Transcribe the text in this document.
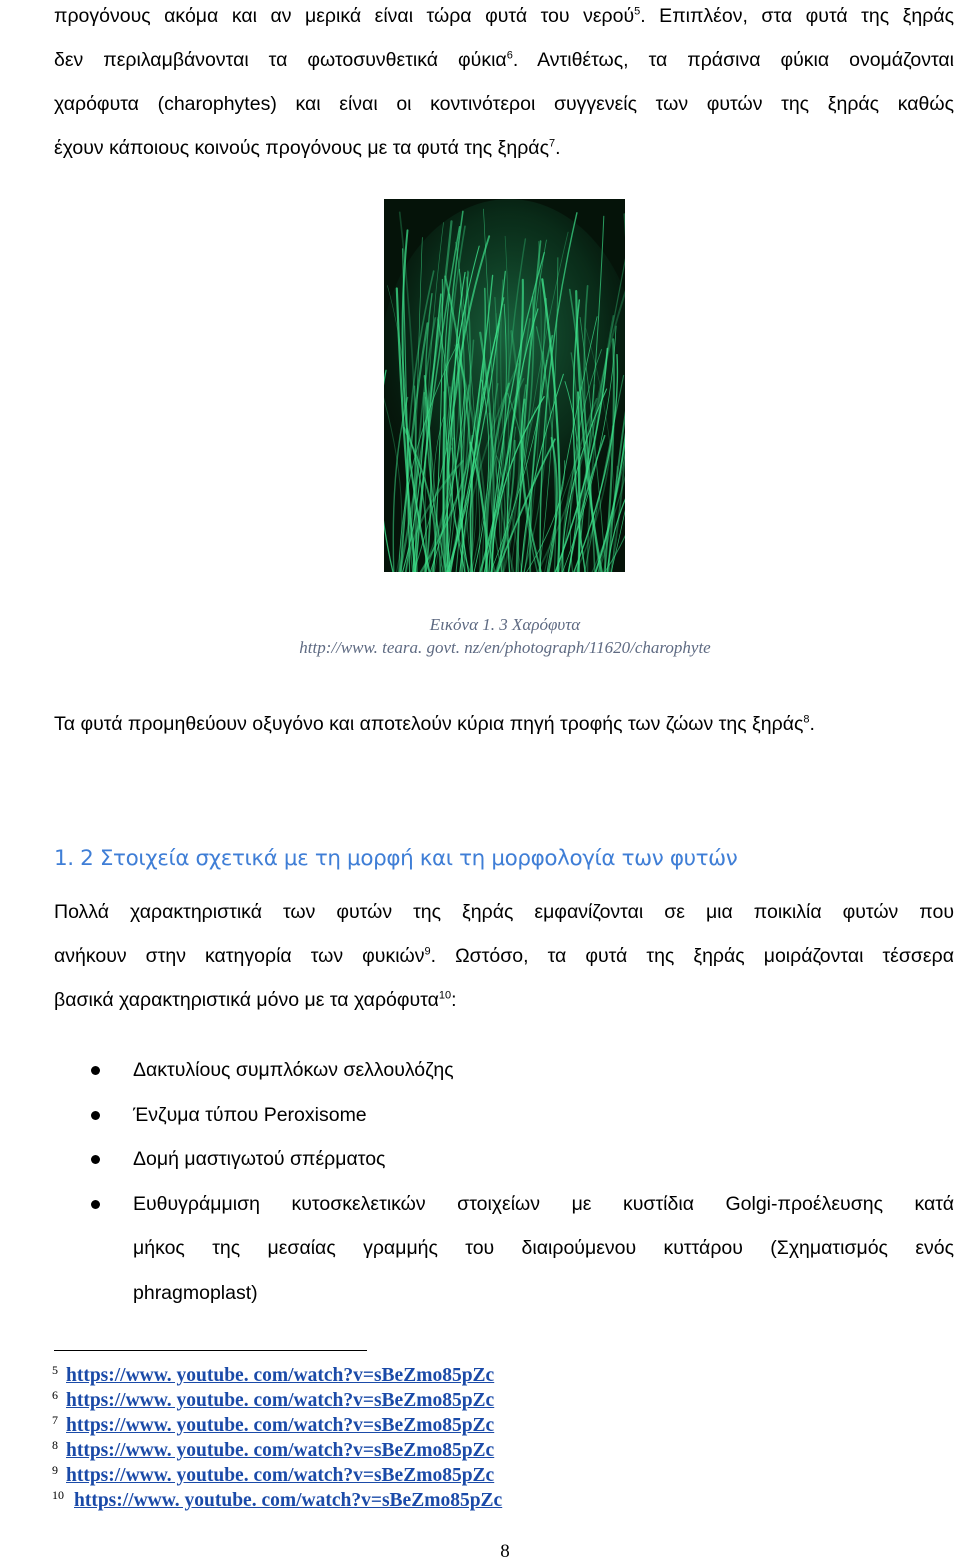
προγόνους ακόμα και αν μερικά είναι τώρα φυτά του νερού$^5$. Επιπλέον, στα φυτά της ξηράς

δεν περιλαμβάνονται τα φωτοσυνθετικά φύκια$^6$. Αντιθέτως, τα πράσινα φύκια ονομάζονται

χαρόφυτα (charophytes) και είναι οι κοντινότεροι συγγενείς των φυτών της ξηράς καθώς

έχουν κάποιους κοινούς προγόνους με τα φυτά της ξηράς$^7$.

Εικόνα 1. 3 Χαρόφυτα
http://www. teara. govt. nz/en/photograph/11620/charophyte

Τα φυτά προμηθεύουν οξυγόνο και αποτελούν κύρια πηγή τροφής των ζώων της ξηράς$^8$.

1. 2 Στοιχεία σχετικά με τη μορφή και τη μορφολογία των φυτών

Πολλά χαρακτηριστικά των φυτών της ξηράς εμφανίζονται σε μια ποικιλία φυτών που

ανήκουν στην κατηγορία των φυκιών$^9$. Ωστόσο, τα φυτά της ξηράς μοιράζονται τέσσερα

βασικά χαρακτηριστικά μόνο με τα χαρόφυτα$^{10}$:

Δακτυλίους συμπλόκων σελλουλόζης
Ένζυμα τύπου Peroxisome
Δομή μαστιγωτού σπέρματος
Ευθυγράμμιση κυτοσκελετικών στοιχείων με κυστίδια Golgi-προέλευσης κατά
μήκος της μεσαίας γραμμής του διαιρούμενου κυττάρου (Σχηματισμός ενός
phragmoplast)
5 https://www. youtube. com/watch?v=sBeZmo85pZc
6 https://www. youtube. com/watch?v=sBeZmo85pZc
7 https://www. youtube. com/watch?v=sBeZmo85pZc
8 https://www. youtube. com/watch?v=sBeZmo85pZc
9 https://www. youtube. com/watch?v=sBeZmo85pZc
10 https://www. youtube. com/watch?v=sBeZmo85pZc
8
